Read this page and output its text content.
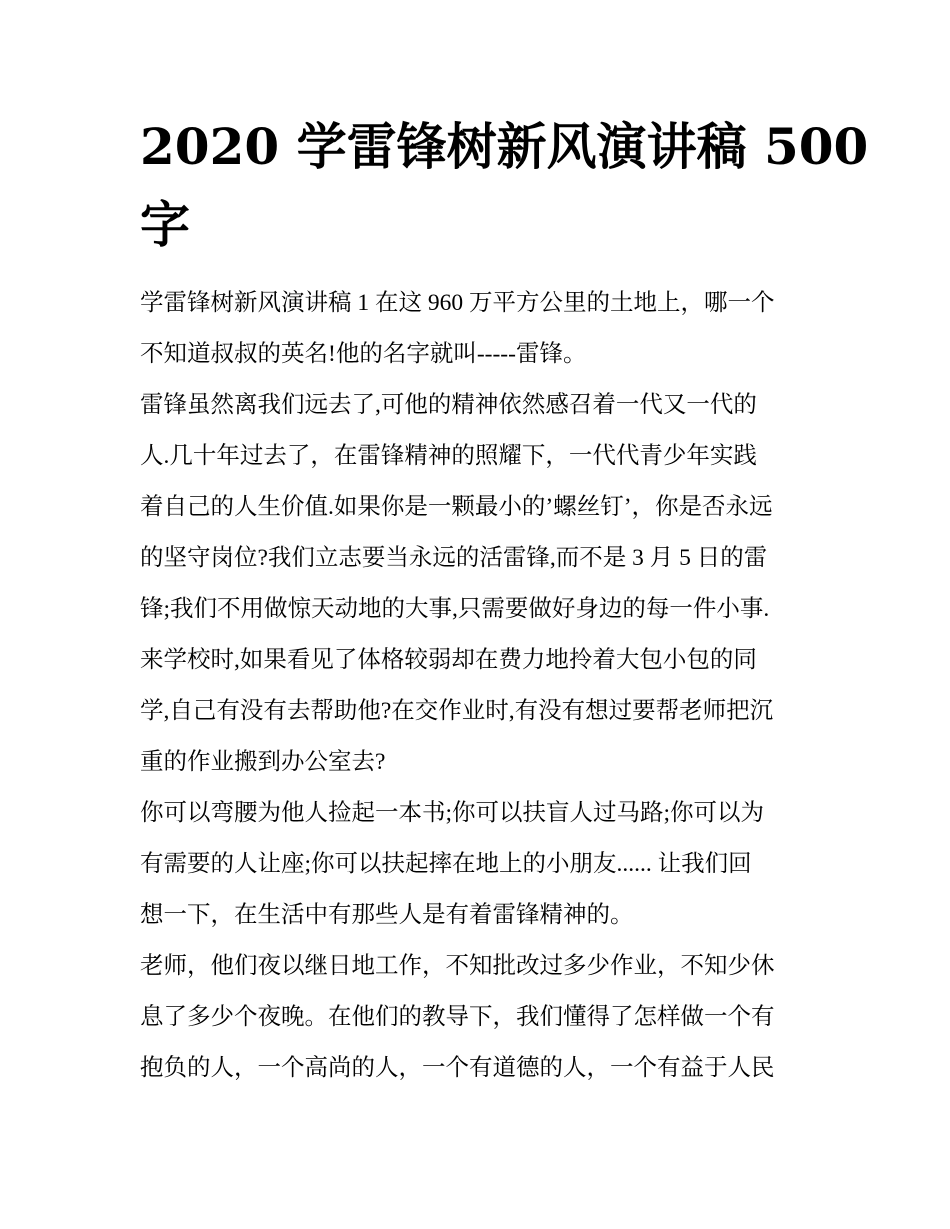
2020 学雷锋树新风演讲稿 500
字
学雷锋树新风演讲稿 1 在这 960 万平方公里的土地上，哪一个
不知道叔叔的英名!他的名字就叫-----雷锋。
雷锋虽然离我们远去了,可他的精神依然感召着一代又一代的
人.几十年过去了，在雷锋精神的照耀下，一代代青少年实践
着自己的人生价值.如果你是一颗最小的’螺丝钉’，你是否永远
的坚守岗位?我们立志要当永远的活雷锋,而不是 3 月 5 日的雷
锋;我们不用做惊天动地的大事,只需要做好身边的每一件小事.
来学校时,如果看见了体格较弱却在费力地拎着大包小包的同
学,自己有没有去帮助他?在交作业时,有没有想过要帮老师把沉
重的作业搬到办公室去?
你可以弯腰为他人捡起一本书;你可以扶盲人过马路;你可以为
有需要的人让座;你可以扶起摔在地上的小朋友...... 让我们回
想一下，在生活中有那些人是有着雷锋精神的。
老师，他们夜以继日地工作，不知批改过多少作业，不知少休
息了多少个夜晚。在他们的教导下，我们懂得了怎样做一个有
抱负的人，一个高尚的人，一个有道德的人，一个有益于人民
